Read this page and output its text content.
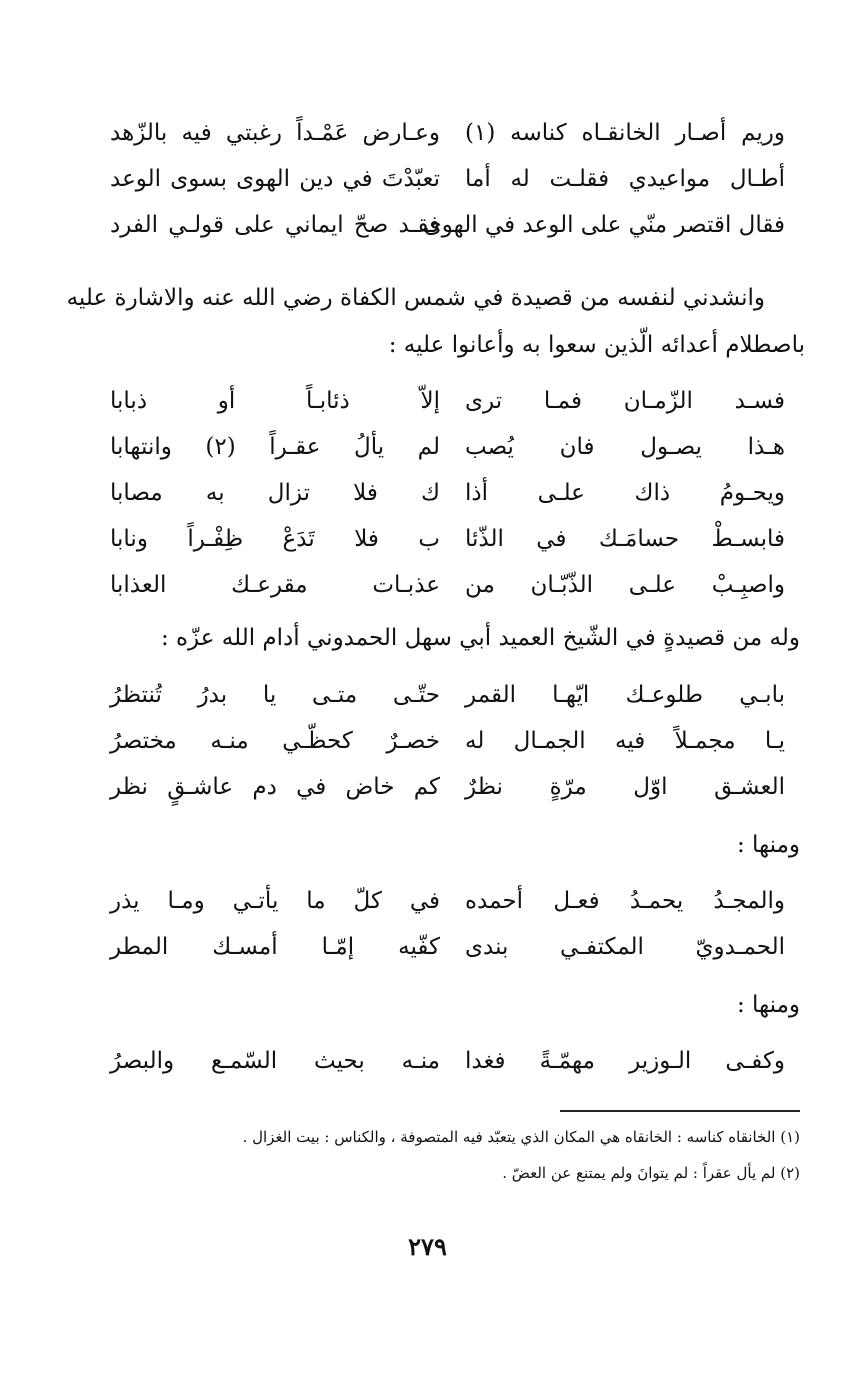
وريم أصـار الخانقـاه كناسه (١)
وعـارض عَمْـداً رغبتي فيه بالزّهد
أطـال مواعيدي فقلـت له أما
تعبّدْتَ في دين الهوى بسوى الوعد
فقال اقتصر منّي على الوعد في الهوى
فقـد صحّ ايماني على قولـي الفرد
وانشدني لنفسه من قصيدة في شمس الكفاة رضي الله عنه والاشارة عليه
باصطلام أعدائه الّذين سعوا به وأعانوا عليه :
فسـد الزّمـان فمـا ترى
إلاّ ذئابـاً أو ذبابا
هـذا يصـول فان يُصب
لم يألُ عقـراً (٢) وانتهابا
ويحـومُ ذاك علـى أذا
ك فلا تزال به مصابا
فابسـطْ حسامَـك في الذّئا
ب فلا تَدَعْ ظِفْـراً ونابا
واصبِـبْ علـى الذّبّـان من
عذبـات مقرعـك العذابا
وله من قصيدةٍ في الشّيخ العميد أبي سهل الحمدوني أدام الله عزّه :
بابـي طلوعـك ايّهـا القمر
حتّـى متـى يا بدرُ تُنتظرُ
يـا مجمـلاً فيه الجمـال له
خصـرٌ كحظّـي منـه مختصرُ
العشـق اوّل مرّةٍ نظرٌ
كم خاض في دم عاشـقٍ نظر
ومنها :
والمجـدُ يحمـدُ فعـل أحمده
في كلّ ما يأتـي ومـا يذر
الحمـدويّ المكتفـي بندى
كفّيه إمّـا أمسـك المطر
ومنها :
وكفـى الـوزير مهمّـةً فغدا
منـه بحيث السّمـع والبصرُ
(١) الخانقاه كناسه : الخانقاه هي المكان الذي يتعبّد فيه المتصوفة ، والكناس : بيت الغزال .
(٢) لم يأل عقراً : لم يتوانَ ولم يمتنع عن العضّ .
٢٧٩
